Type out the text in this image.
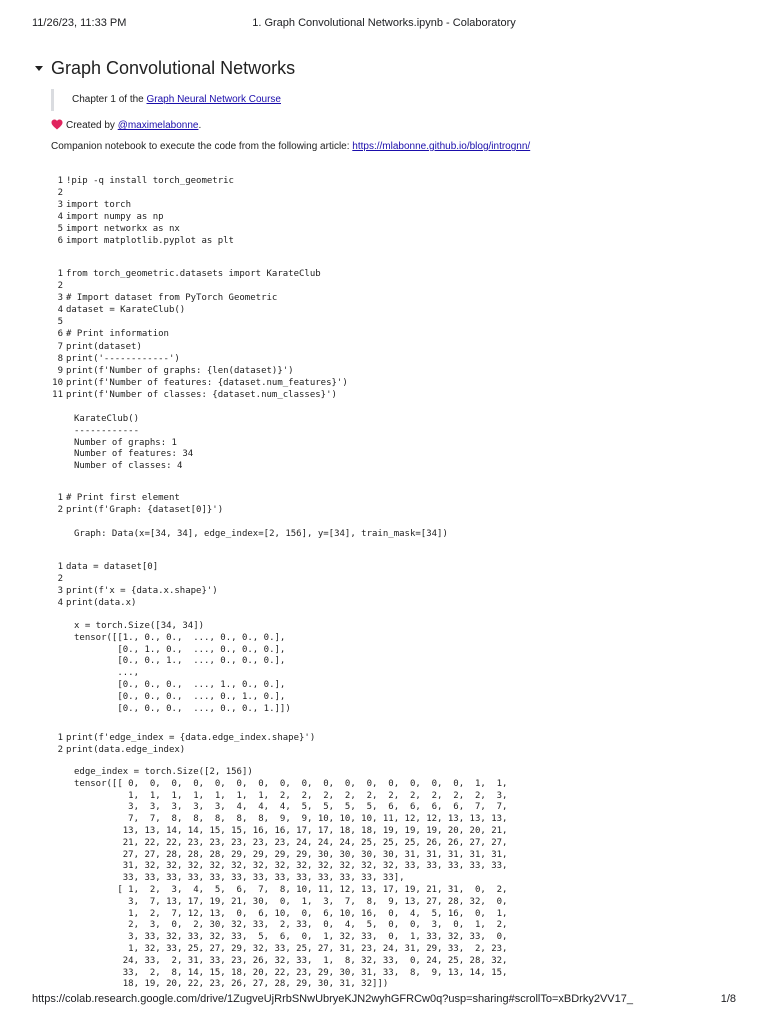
11/26/23, 11:33 PM	1. Graph Convolutional Networks.ipynb - Colaboratory
Graph Convolutional Networks
Chapter 1 of the Graph Neural Network Course
Created by @maximelabonne.
Companion notebook to execute the code from the following article: https://mlabonne.github.io/blog/intrognn/
1 !pip -q install torch_geometric
2
3 import torch
4 import numpy as np
5 import networkx as nx
6 import matplotlib.pyplot as plt
1 from torch_geometric.datasets import KarateClub
2
3 # Import dataset from PyTorch Geometric
4 dataset = KarateClub()
5
6 # Print information
7 print(dataset)
8 print('------------')
9 print(f'Number of graphs: {len(dataset)}')
10 print(f'Number of features: {dataset.num_features}')
11 print(f'Number of classes: {dataset.num_classes}')
KarateClub()
------------
Number of graphs: 1
Number of features: 34
Number of classes: 4
1 # Print first element
2 print(f'Graph: {dataset[0]}')
Graph: Data(x=[34, 34], edge_index=[2, 156], y=[34], train_mask=[34])
1 data = dataset[0]
2
3 print(f'x = {data.x.shape}')
4 print(data.x)
x = torch.Size([34, 34])
tensor([[1., 0., 0.,  ..., 0., 0., 0.],
[0., 1., 0.,  ..., 0., 0., 0.],
[0., 0., 1.,  ..., 0., 0., 0.],
...,
[0., 0., 0.,  ..., 1., 0., 0.],
[0., 0., 0.,  ..., 0., 1., 0.],
[0., 0., 0.,  ..., 0., 0., 1.]])
1 print(f'edge_index = {data.edge_index.shape}')
2 print(data.edge_index)
edge_index = torch.Size([2, 156])
tensor([[ 0,  0,  0,  0,  0,  0,  0,  0,  0,  0,  0,  0,  0,  0,  0,  0,  1,  1,
1,  1,  1,  1,  1,  1,  1,  2,  2,  2,  2,  2,  2,  2,  2,  2,  2,  3,
3,  3,  3,  3,  3,  4,  4,  4,  5,  5,  5,  5,  6,  6,  6,  6,  7,  7,
7,  7,  8,  8,  8,  8,  8,  9,  9, 10, 10, 10, 11, 12, 12, 13, 13, 13,
13, 13, 14, 14, 15, 15, 16, 16, 17, 17, 18, 18, 19, 19, 19, 20, 20, 21,
21, 22, 22, 23, 23, 23, 23, 23, 24, 24, 24, 25, 25, 25, 26, 26, 27, 27,
27, 27, 28, 28, 28, 29, 29, 29, 29, 30, 30, 30, 30, 31, 31, 31, 31, 31,
31, 32, 32, 32, 32, 32, 32, 32, 32, 32, 32, 32, 32, 33, 33, 33, 33, 33,
33, 33, 33, 33, 33, 33, 33, 33, 33, 33, 33, 33, 33],
[ 1,  2,  3,  4,  5,  6,  7,  8, 10, 11, 12, 13, 17, 19, 21, 31,  0,  2,
3,  7, 13, 17, 19, 21, 30,  0,  1,  3,  7,  8,  9, 13, 27, 28, 32,  0,
1,  2,  7, 12, 13,  0,  6, 10,  0,  6, 10, 16,  0,  4,  5, 16,  0,  1,
2,  3,  0,  2, 30, 32, 33,  2, 33,  0,  4,  5,  0,  0,  3,  0,  1,  2,
3, 33, 32, 33, 32, 33,  5,  6,  0,  1, 32, 33,  0,  1, 33, 32, 33,  0,
1, 32, 33, 25, 27, 29, 32, 33, 25, 27, 31, 23, 24, 31, 29, 33,  2, 23,
24, 33,  2, 31, 33, 23, 26, 32, 33,  1,  8, 32, 33,  0, 24, 25, 28, 32,
33,  2,  8, 14, 15, 18, 20, 22, 23, 29, 30, 31, 33,  8,  9, 13, 14, 15,
18, 19, 20, 22, 23, 26, 27, 28, 29, 30, 31, 32]])
https://colab.research.google.com/drive/1ZugveUjRrbSNwUbryeKJN2wyhGFRCw0q?usp=sharing#scrollTo=xBDrky2VV17_	1/8
